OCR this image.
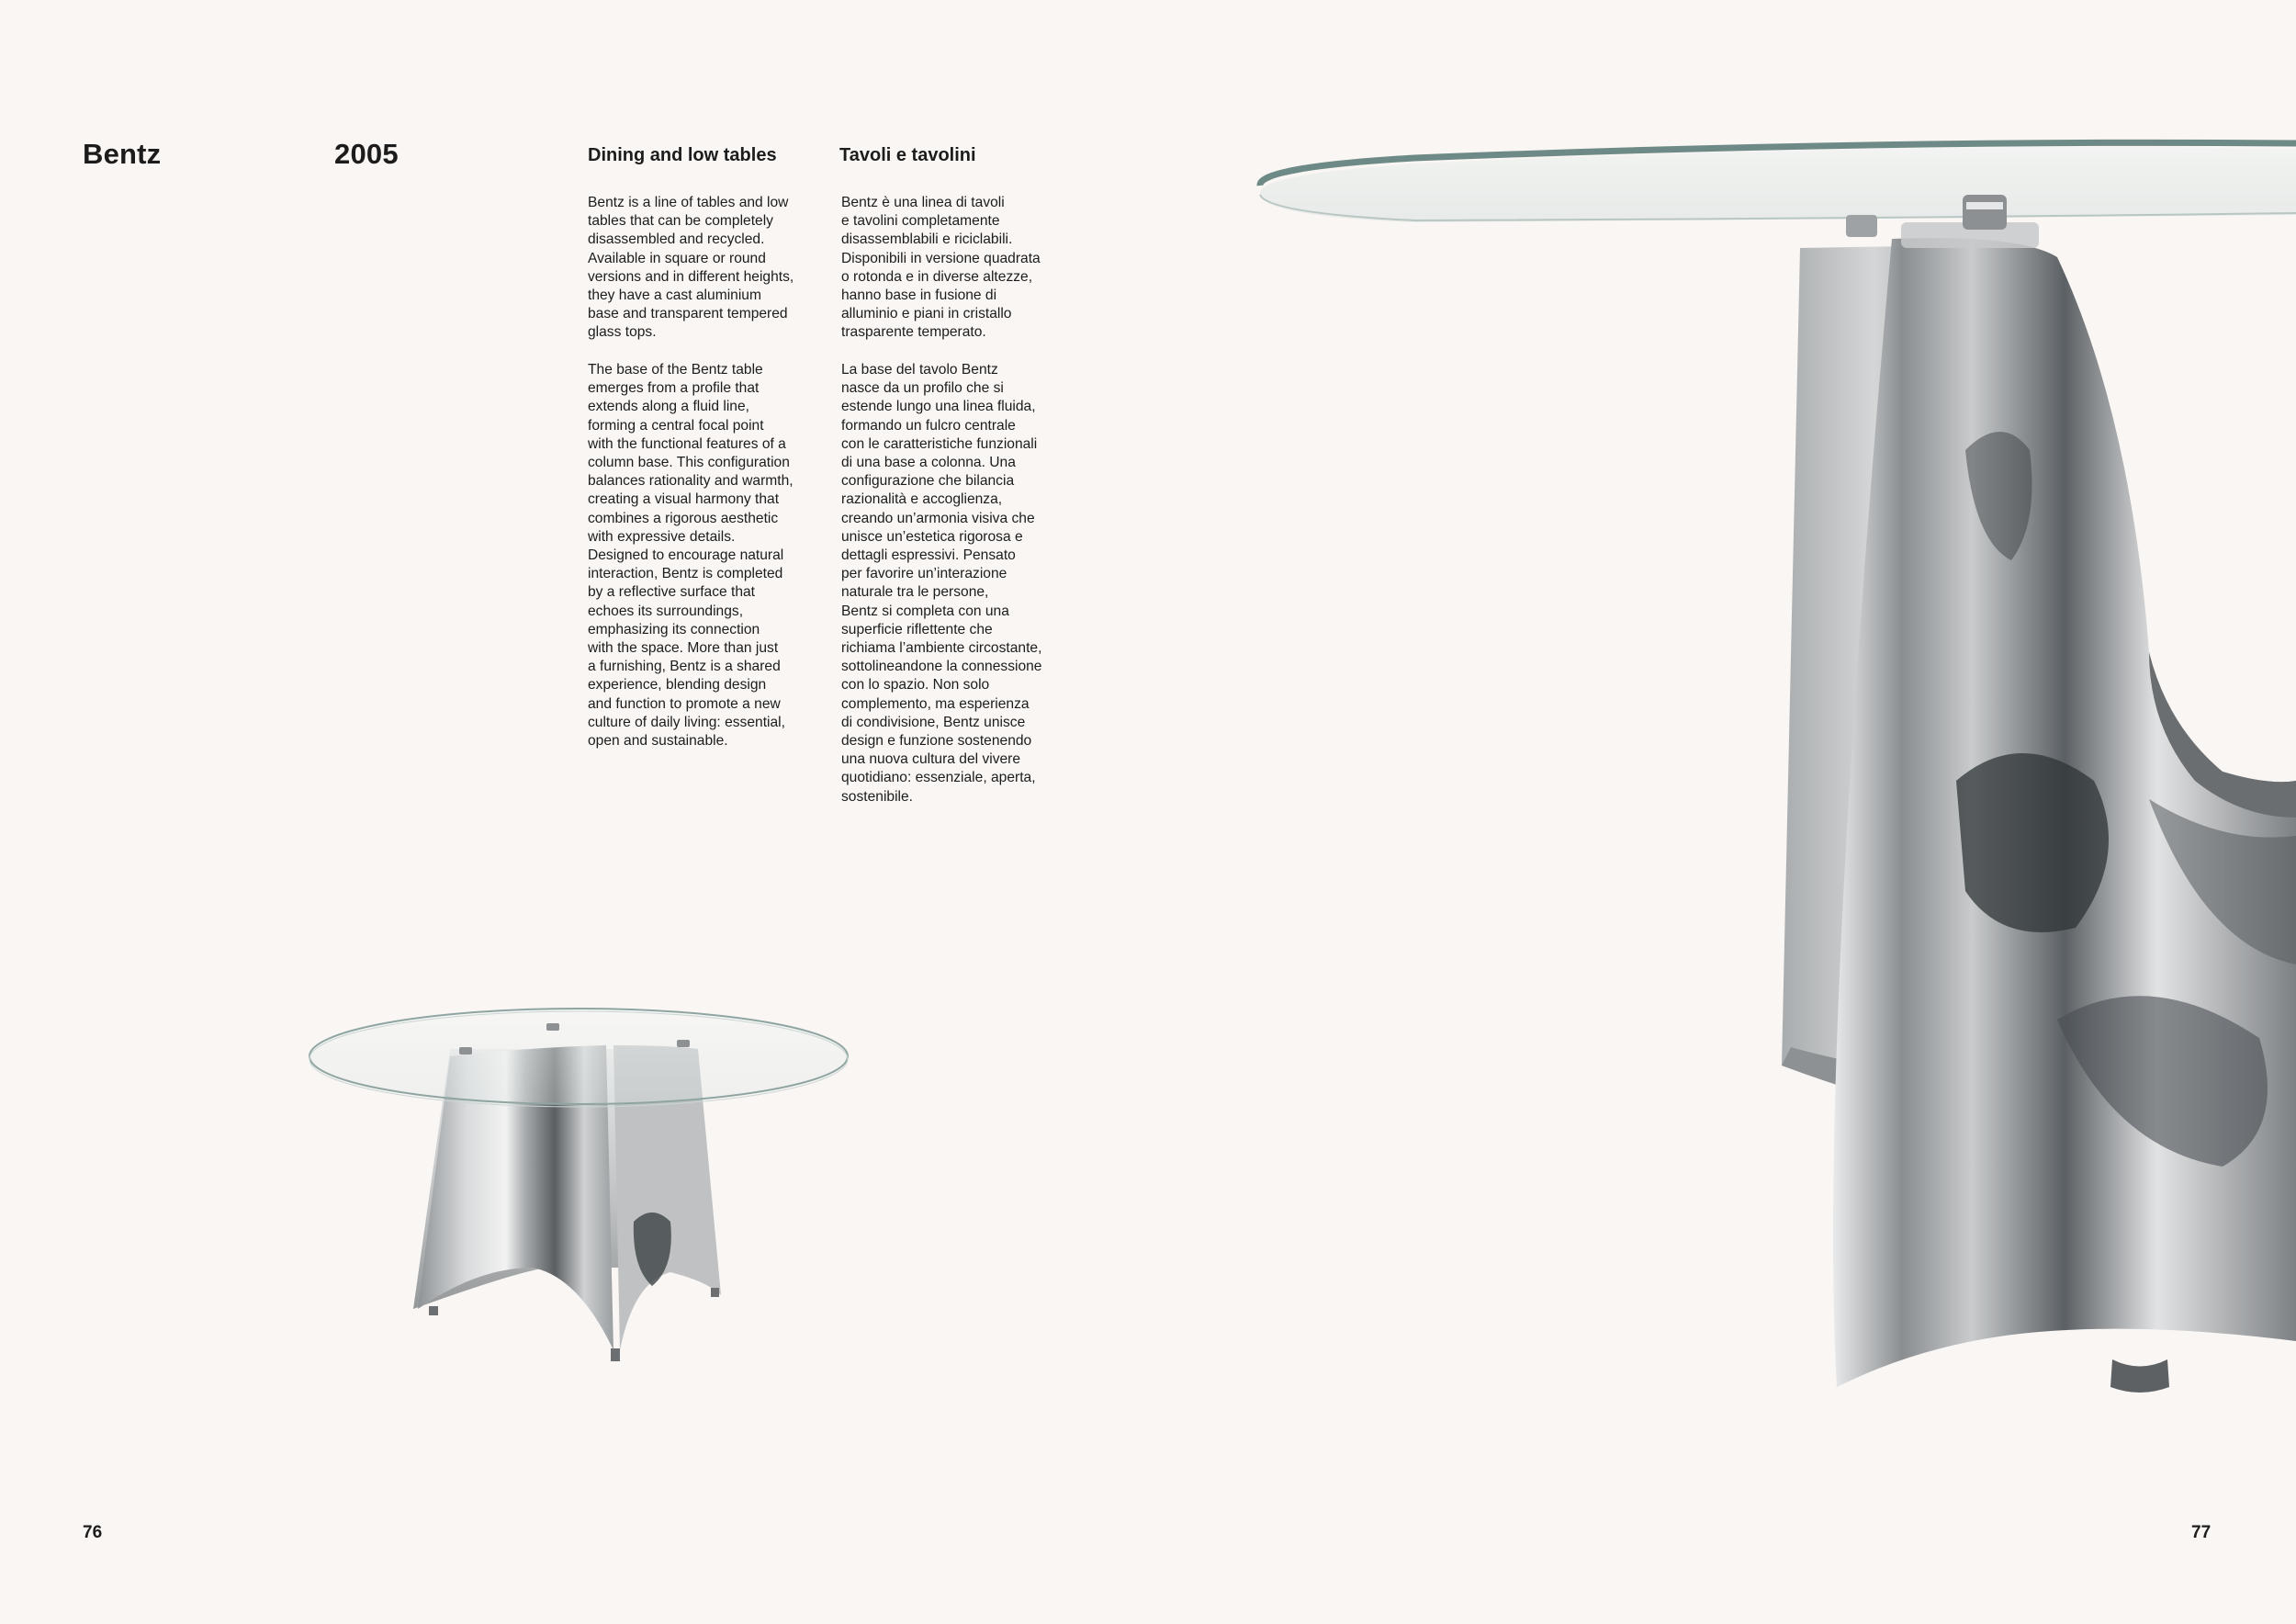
Bentz	2005	Dining and low tables	Tavoli e tavolini
Bentz is a line of tables and low
tables that can be completely
disassembled and recycled.
Available in square or round
versions and in different heights,
they have a cast aluminium
base and transparent tempered
glass tops.
The base of the Bentz table
emerges from a profile that
extends along a fluid line,
forming a central focal point
with the functional features of a
column base. This configuration
balances rationality and warmth,
creating a visual harmony that
combines a rigorous aesthetic
with expressive details.
Designed to encourage natural
interaction, Bentz is completed
by a reflective surface that
echoes its surroundings,
emphasizing its connection
with the space. More than just
a furnishing, Bentz is a shared
experience, blending design
and function to promote a new
culture of daily living: essential,
open and sustainable.
Bentz è una linea di tavoli
e tavolini completamente
disassemblabili e riciclabili.
Disponibili in versione quadrata
o rotonda e in diverse altezze,
hanno base in fusione di
alluminio e piani in cristallo
trasparente temperato.
La base del tavolo Bentz
nasce da un profilo che si
estende lungo una linea fluida,
formando un fulcro centrale
con le caratteristiche funzionali
di una base a colonna. Una
configurazione che bilancia
razionalità e accoglienza,
creando un’armonia visiva che
unisce un’estetica rigorosa e
dettagli espressivi. Pensato
per favorire un’interazione
naturale tra le persone,
Bentz si completa con una
superficie riflettente che
richiama l’ambiente circostante,
sottolineandone la connessione
con lo spazio. Non solo
complemento, ma esperienza
di condivisione, Bentz unisce
design e funzione sostenendo
una nuova cultura del vivere
quotidiano: essenziale, aperta,
sostenibile.
76	77
